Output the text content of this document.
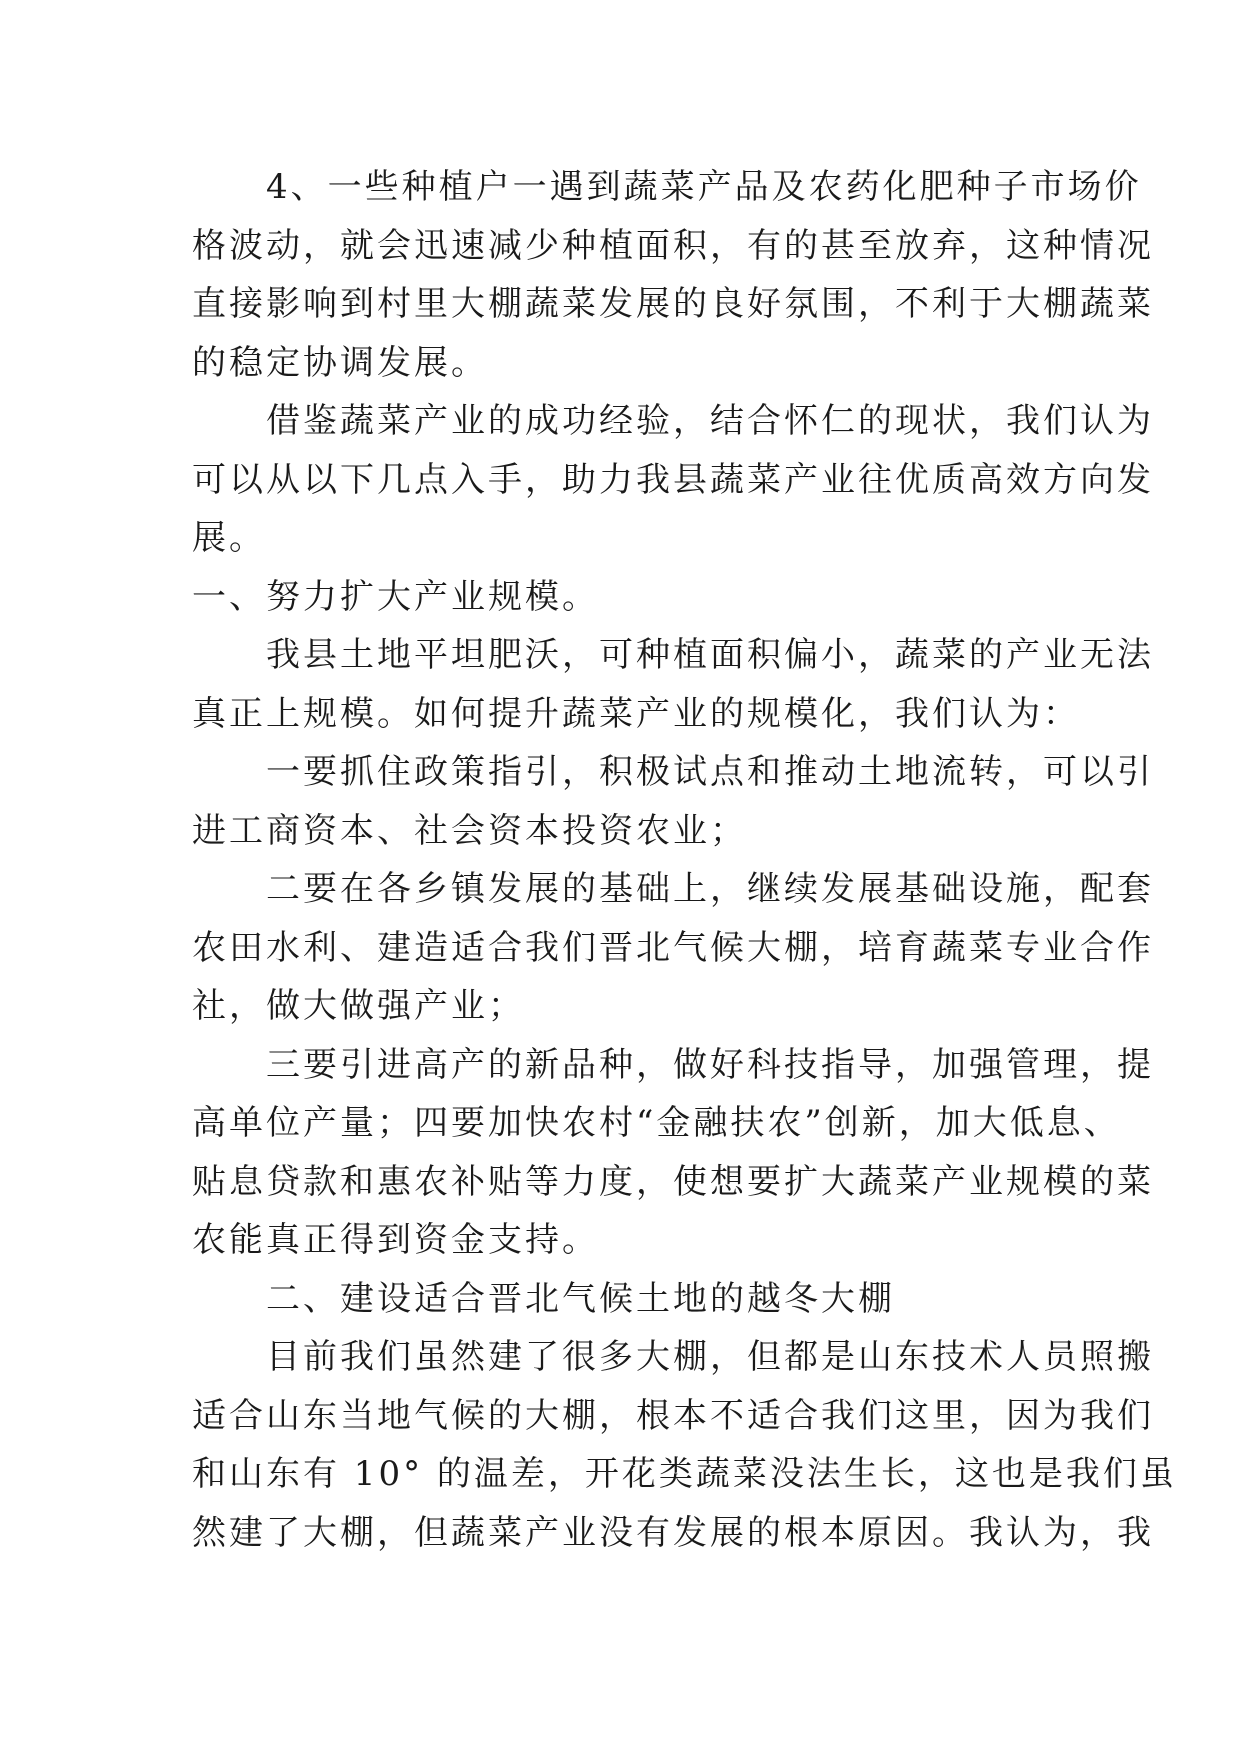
　　4、一些种植户一遇到蔬菜产品及农药化肥种子市场价
格波动，就会迅速减少种植面积，有的甚至放弃，这种情况
直接影响到村里大棚蔬菜发展的良好氛围，不利于大棚蔬菜
的稳定协调发展。
　　借鉴蔬菜产业的成功经验，结合怀仁的现状，我们认为
可以从以下几点入手，助力我县蔬菜产业往优质高效方向发
展。
一、努力扩大产业规模。
　　我县土地平坦肥沃，可种植面积偏小，蔬菜的产业无法
真正上规模。如何提升蔬菜产业的规模化，我们认为：
　　一要抓住政策指引，积极试点和推动土地流转，可以引
进工商资本、社会资本投资农业；
　　二要在各乡镇发展的基础上，继续发展基础设施，配套
农田水利、建造适合我们晋北气候大棚，培育蔬菜专业合作
社，做大做强产业；
　　三要引进高产的新品种，做好科技指导，加强管理，提
高单位产量；四要加快农村“金融扶农”创新，加大低息、
贴息贷款和惠农补贴等力度，使想要扩大蔬菜产业规模的菜
农能真正得到资金支持。
　　二、建设适合晋北气候土地的越冬大棚
　　目前我们虽然建了很多大棚，但都是山东技术人员照搬
适合山东当地气候的大棚，根本不适合我们这里，因为我们
和山东有 10° 的温差，开花类蔬菜没法生长，这也是我们虽
然建了大棚，但蔬菜产业没有发展的根本原因。我认为，我
